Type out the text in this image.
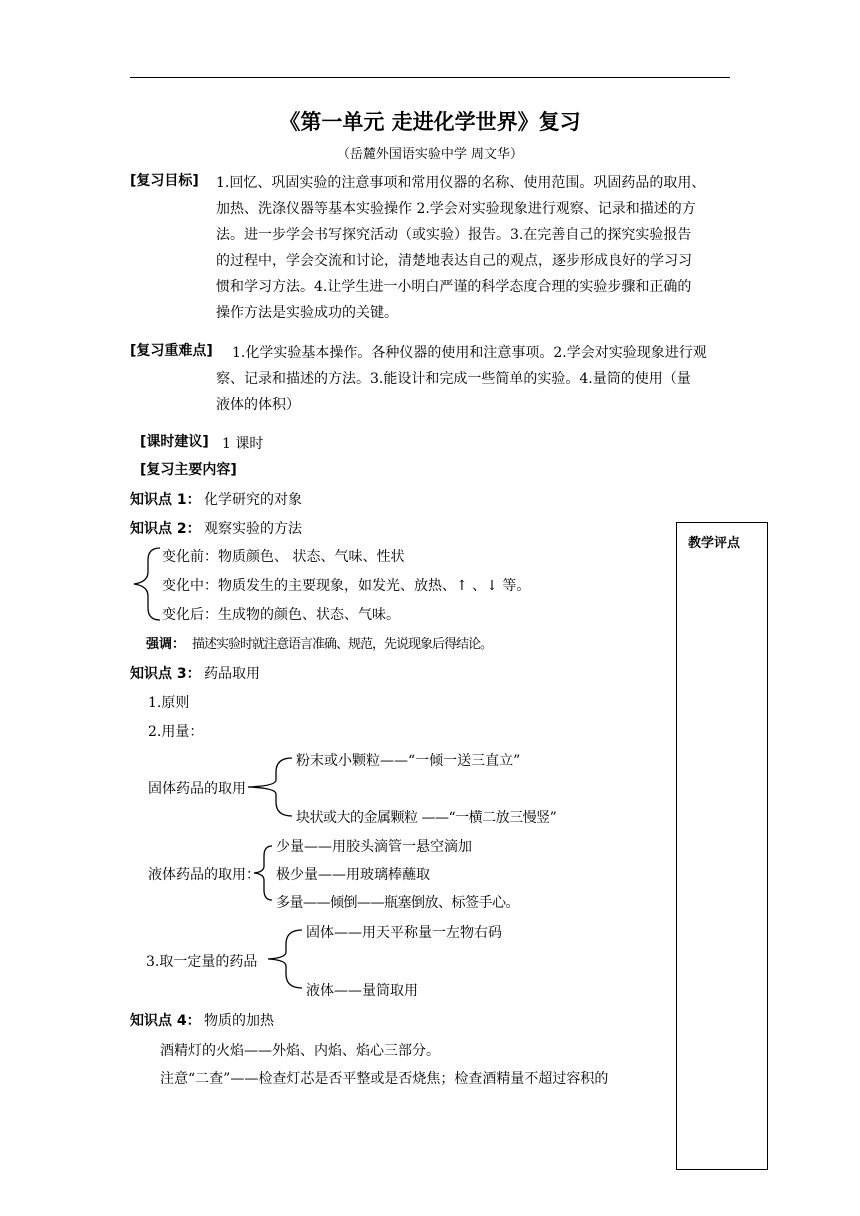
《第一单元 走进化学世界》复习
（岳麓外国语实验中学 周文华）
[复习目标] 1.回忆、巩固实验的注意事项和常用仪器的名称、使用范围。巩固药品的取用、
加热、洗涤仪器等基本实验操作 2.学会对实验现象进行观察、记录和描述的方
法。进一步学会书写探究活动（或实验）报告。3.在完善自己的探究实验报告
的过程中，学会交流和讨论，清楚地表达自己的观点，逐步形成良好的学习习
惯和学习方法。4.让学生进一小明白严谨的科学态度合理的实验步骤和正确的
操作方法是实验成功的关键。
[复习重难点] 1.化学实验基本操作。各种仪器的使用和注意事项。2.学会对实验现象进行观
察、记录和描述的方法。3.能设计和完成一些简单的实验。4.量筒的使用（量
液体的体积）
[课时建议] 1 课时
[复习主要内容]
知识点 1： 化学研究的对象
知识点 2： 观察实验的方法
变化前：物质颜色、 状态、气味、性状
变化中：物质发生的主要现象，如发光、放热、↑ 、↓ 等。
变化后：生成物的颜色、状态、气味。
强调： 描述实验时就注意语言准确、规范，先说现象后得结论。
知识点 3： 药品取用
1.原则
2.用量：
固体药品的取用
粉末或小颗粒——“一倾一送三直立”
块状或大的金属颗粒 ——“一横二放三慢竖”
液体药品的取用：
少量——用胶头滴管一悬空滴加
极少量——用玻璃棒蘸取
多量——倾倒——瓶塞倒放、标签手心。
3.取一定量的药品
固体——用天平称量一左物右码
液体——量筒取用
知识点 4： 物质的加热
酒精灯的火焰——外焰、内焰、焰心三部分。
注意“二查”——检查灯芯是否平整或是否烧焦；检查酒精量不超过容积的
教学评点
